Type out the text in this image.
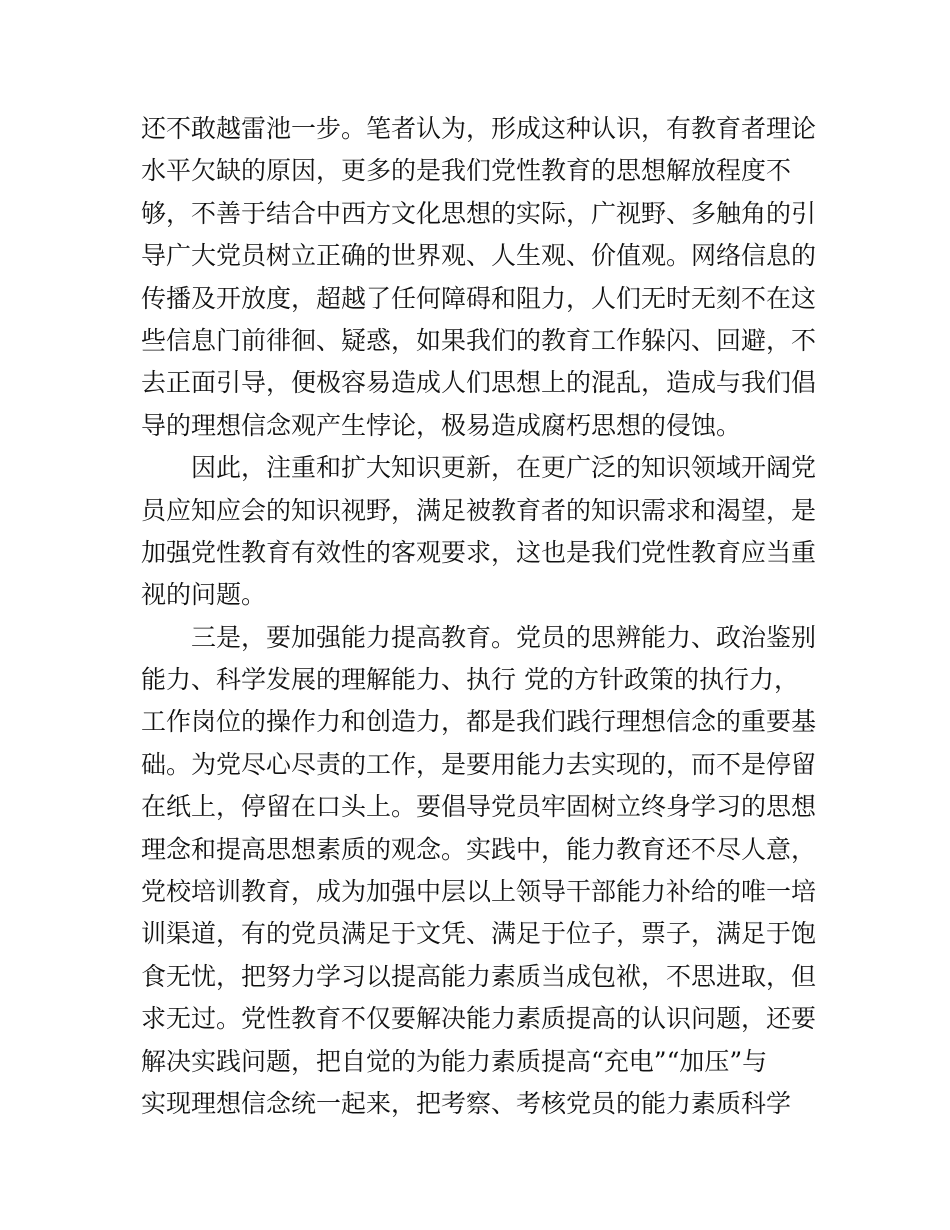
还不敢越雷池一步。笔者认为，形成这种认识，有教育者理论
水平欠缺的原因，更多的是我们党性教育的思想解放程度不
够，不善于结合中西方文化思想的实际，广视野、多触角的引
导广大党员树立正确的世界观、人生观、价值观。网络信息的
传播及开放度，超越了任何障碍和阻力，人们无时无刻不在这
些信息门前徘徊、疑惑，如果我们的教育工作躲闪、回避，不
去正面引导，便极容易造成人们思想上的混乱，造成与我们倡
导的理想信念观产生悖论，极易造成腐朽思想的侵蚀。
因此，注重和扩大知识更新，在更广泛的知识领域开阔党
员应知应会的知识视野，满足被教育者的知识需求和渴望，是
加强党性教育有效性的客观要求，这也是我们党性教育应当重
视的问题。
三是，要加强能力提高教育。党员的思辨能力、政治鉴别
能力、科学发展的理解能力、执行 党的方针政策的执行力，
工作岗位的操作力和创造力，都是我们践行理想信念的重要基
础。为党尽心尽责的工作，是要用能力去实现的，而不是停留
在纸上，停留在口头上。要倡导党员牢固树立终身学习的思想
理念和提高思想素质的观念。实践中，能力教育还不尽人意，
党校培训教育，成为加强中层以上领导干部能力补给的唯一培
训渠道，有的党员满足于文凭、满足于位子，票子，满足于饱
食无忧，把努力学习以提高能力素质当成包袱，不思进取，但
求无过。党性教育不仅要解决能力素质提高的认识问题，还要
解决实践问题，把自觉的为能力素质提高“充电”“加压”与
实现理想信念统一起来，把考察、考核党员的能力素质科学
